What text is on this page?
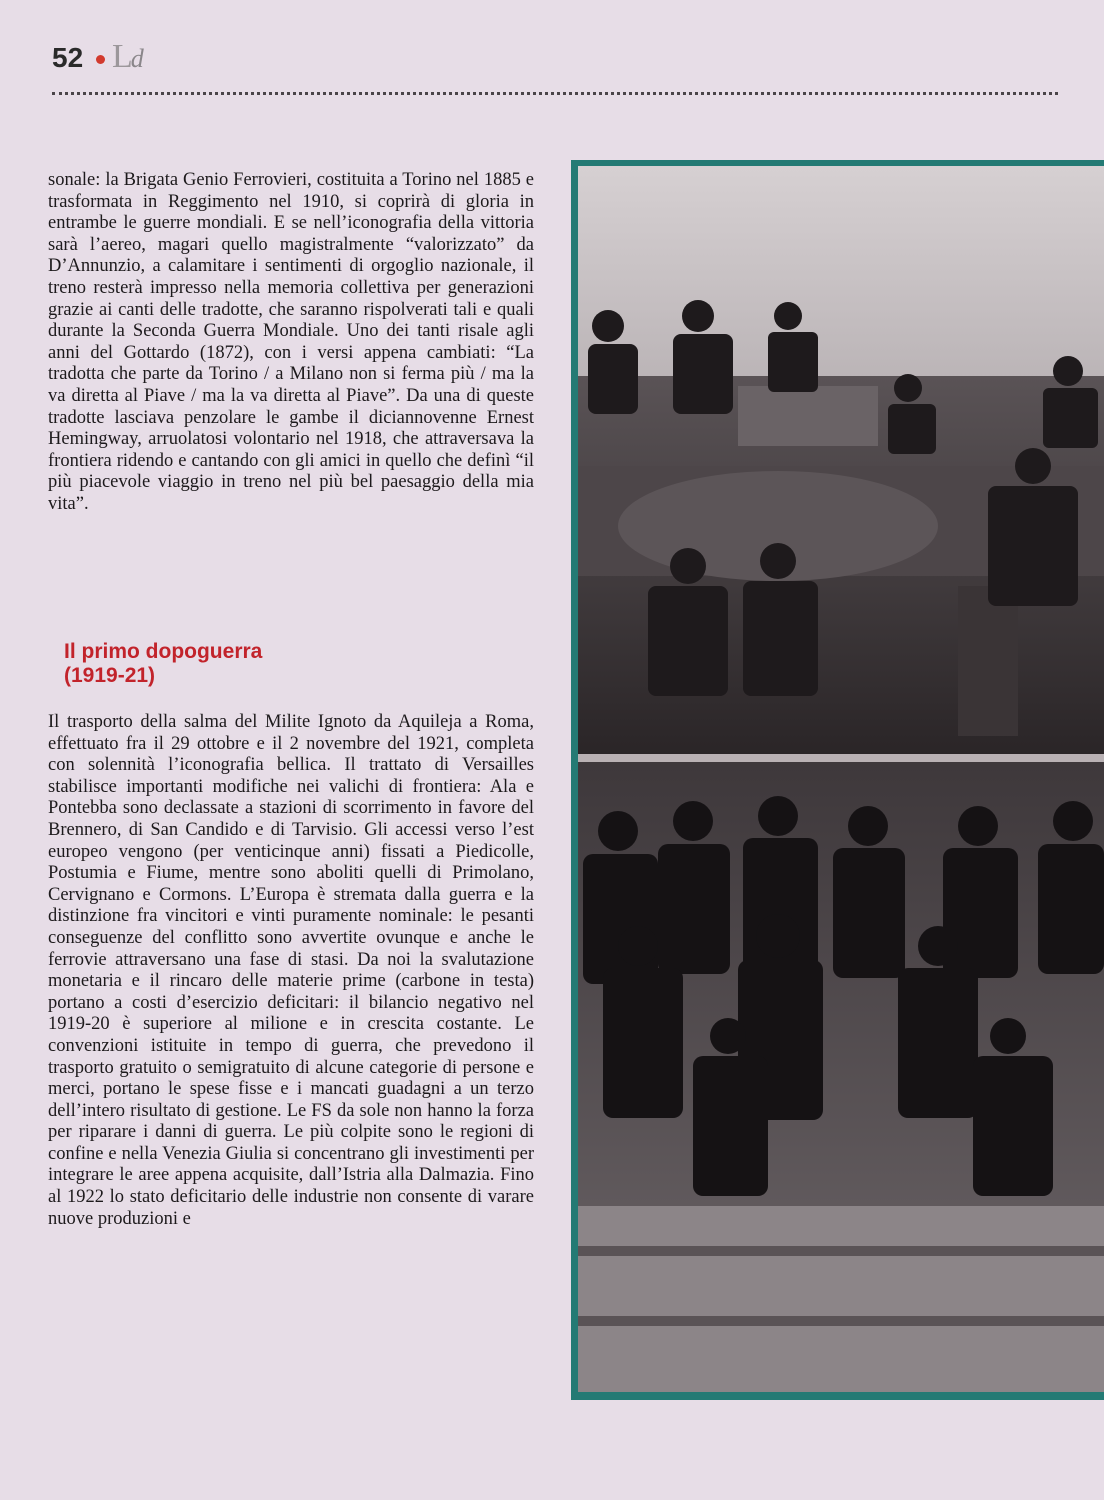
52 Ld

sonale: la Brigata Genio Ferrovieri, costituita a Torino nel 1885 e trasformata in Reggimento nel 1910, si coprirà di gloria in entrambe le guerre mondiali. E se nell’iconografia della vittoria sarà l’aereo, magari quello magistralmente “valorizzato” da D’Annunzio, a calamitare i sentimenti di orgoglio nazionale, il treno resterà impresso nella memoria collettiva per generazioni grazie ai canti delle tradotte, che saranno rispolverati tali e quali durante la Seconda Guerra Mondiale. Uno dei tanti risale agli anni del Gottardo (1872), con i versi appena cambiati: “La tradotta che parte da Torino / a Milano non si ferma più / ma la va diretta al Piave / ma la va diretta al Piave”. Da una di queste tradotte lasciava penzolare le gambe il diciannovenne Ernest Hemingway, arruolatosi volontario nel 1918, che attraversava la frontiera ridendo e cantando con gli amici in quello che definì “il più piacevole viaggio in treno nel più bel paesaggio della mia vita”.

Il primo dopoguerra
(1919-21)

Il trasporto della salma del Milite Ignoto da Aquileja a Roma, effettuato fra il 29 ottobre e il 2 novembre del 1921, completa con solennità l’iconografia bellica. Il trattato di Versailles stabilisce importanti modifiche nei valichi di frontiera: Ala e Pontebba sono declassate a stazioni di scorrimento in favore del Brennero, di San Candido e di Tarvisio. Gli accessi verso l’est europeo vengono (per venticinque anni) fissati a Piedicolle, Postumia e Fiume, mentre sono aboliti quelli di Primolano, Cervignano e Cormons. L’Europa è stremata dalla guerra e la distinzione fra vincitori e vinti puramente nominale: le pesanti conseguenze del conflitto sono avvertite ovunque e anche le ferrovie attraversano una fase di stasi. Da noi la svalutazione monetaria e il rincaro delle materie prime (carbone in testa) portano a costi d’esercizio deficitari: il bilancio negativo nel 1919-20 è superiore al milione e in crescita costante. Le convenzioni istituite in tempo di guerra, che prevedono il trasporto gratuito o semigratuito di alcune categorie di persone e merci, portano le spese fisse e i mancati guadagni a un terzo dell’intero risultato di gestione. Le FS da sole non hanno la forza per riparare i danni di guerra. Le più colpite sono le regioni di confine e nella Venezia Giulia si concentrano gli investimenti per integrare le aree appena acquisite, dall’Istria alla Dalmazia. Fino al 1922 lo stato deficitario delle industrie non consente di varare nuove produzioni e
